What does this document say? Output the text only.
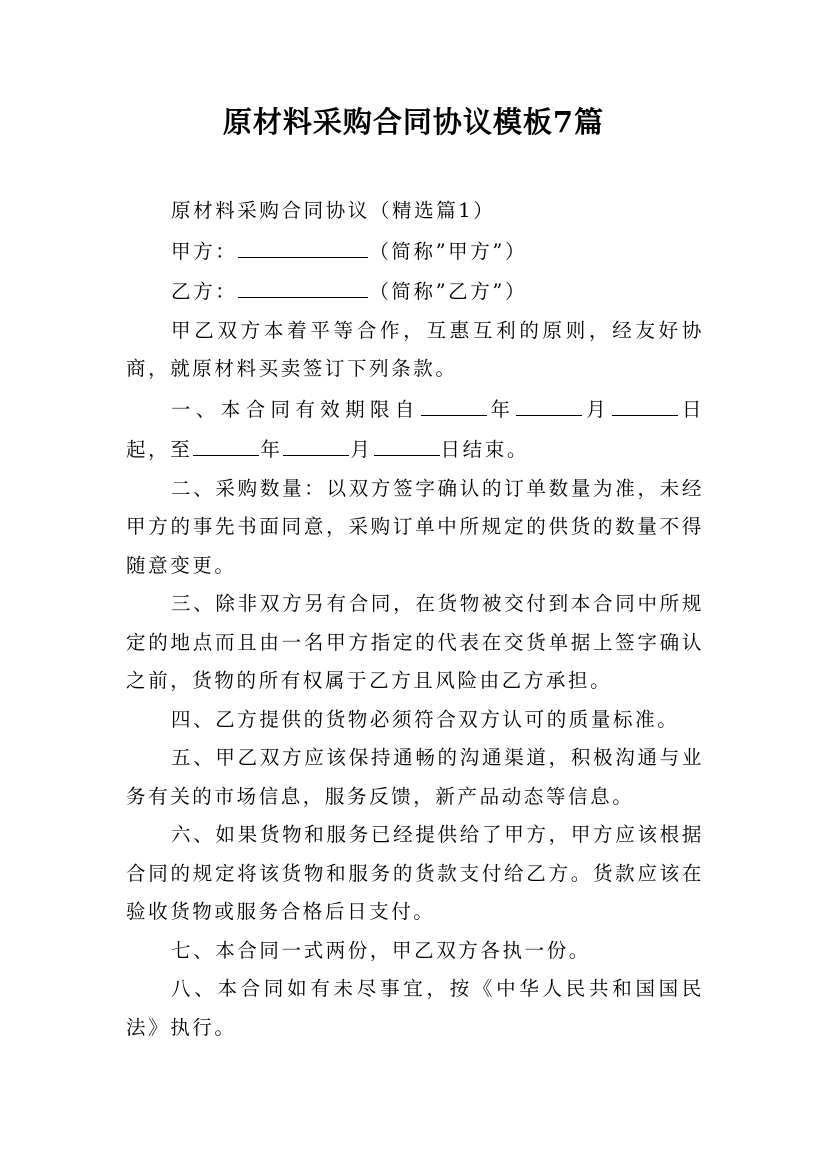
原材料采购合同协议模板7篇

原材料采购合同协议（精选篇1）

甲方：	（简称”甲方”）

乙方：	（简称”乙方”）

甲乙双方本着平等合作，互惠互利的原则，经友好协商，就原材料买卖签订下列条款。

一、本合同有效期限自	年	月	日起，至	年	月	日结束。

二、采购数量：以双方签字确认的订单数量为准，未经甲方的事先书面同意，采购订单中所规定的供货的数量不得随意变更。

三、除非双方另有合同，在货物被交付到本合同中所规定的地点而且由一名甲方指定的代表在交货单据上签字确认之前，货物的所有权属于乙方且风险由乙方承担。

四、乙方提供的货物必须符合双方认可的质量标准。

五、甲乙双方应该保持通畅的沟通渠道，积极沟通与业务有关的市场信息，服务反馈，新产品动态等信息。

六、如果货物和服务已经提供给了甲方，甲方应该根据合同的规定将该货物和服务的货款支付给乙方。货款应该在验收货物或服务合格后日支付。

七、本合同一式两份，甲乙双方各执一份。

八、本合同如有未尽事宜，按《中华人民共和国国民法》执行。
